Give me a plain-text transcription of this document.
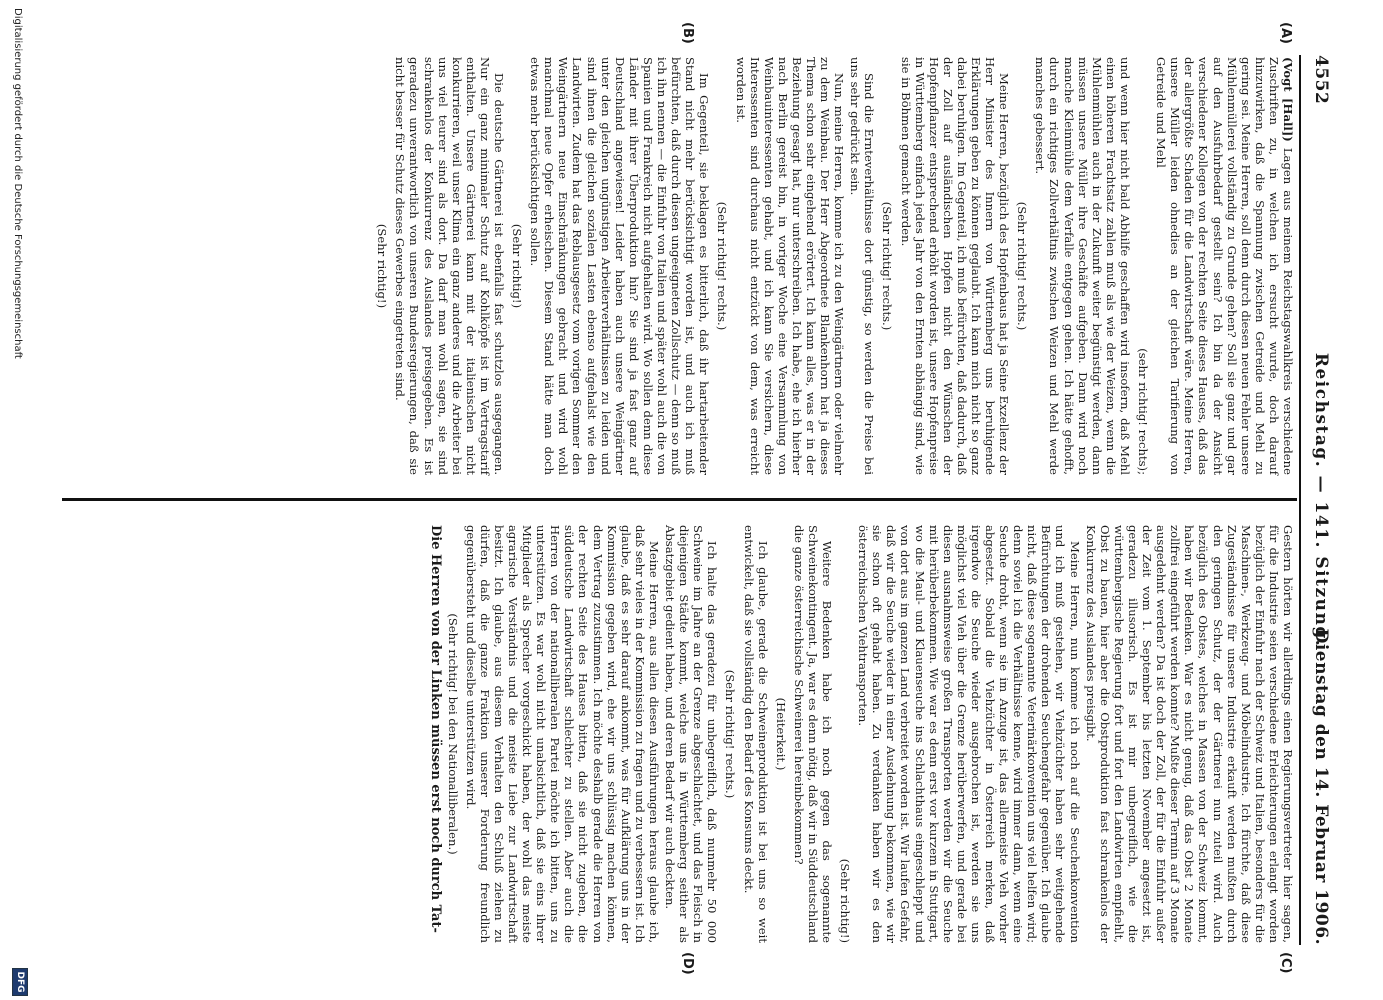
4552
Reichstag. — 141. Sitzung.
Dienstag den 14. Februar 1906.
(A)
(B)
(C)
(D)

(Vogt [Hall]) Lagen aus meinem Reichstagswahlkreis verschiedene Zuschriften zu, in welchen ich ersucht wurde, doch darauf hinzuwirken, daß die Spannung zwischen Getreide und Mehl zu gering sei. Meine Herren, soll denn durch diesen neuen Fehler unsere Mühlenmüllerei vollständig zu Grunde gehen? Soll sie ganz und gar auf den Ausfuhrbedarf gestellt sein? Ich bin da der Ansicht verschiedener Kollegen von der rechten Seite dieses Hauses, daß das der allergrößte Schaden für die Landwirtschaft wäre. Meine Herren, unsere Müller leiden ohnedies an der gleichen Tarifierung von Getreide und Mehl

(sehr richtig! rechts);

und wenn hier nicht bald Abhilfe geschaffen wird insofern, daß Mehl einen höheren Frachtsatz zahlen muß als wie der Weizen, wenn die Mühlenmühlen auch in der Zukunft weiter begünstigt werden, dann müssen unsere Müller ihre Geschäfte aufgeben. Dann wird noch manche Kleinmühle dem Verfalle entgegen gehen. Ich hätte gehofft, durch ein richtiges Zollverhältnis zwischen Weizen und Mehl werde manches gebessert.

(Sehr richtig! rechts.)

Meine Herren, bezüglich des Hopfenbaus hat ja Seine Exzellenz der Herr Minister des Innern von Württemberg uns beruhigende Erklärungen geben zu können geglaubt. Ich kann mich nicht so ganz dabei beruhigen. Im Gegenteil, ich muß befürchten, daß dadurch, daß der Zoll auf ausländischen Hopfen nicht den Wünschen der Hopfenpflanzer entsprechend erhöht worden ist, unsere Hopfenpreise in Württemberg einfach jedes Jahr von den Ernten abhängig sind, wie sie in Böhmen gemacht werden.

(Sehr richtig! rechts.)

Sind die Ernteverhältnisse dort günstig, so werden die Preise bei uns sehr gedrückt sein.

Nun, meine Herren, komme ich zu den Weingärtnern oder vielmehr zu dem Weinbau. Der Herr Abgeordnete Blankenhorn hat ja dieses Thema schon sehr eingehend erörtert. Ich kann alles, was er in der Beziehung gesagt hat, nur unterschreiben. Ich habe, ehe ich hierher nach Berlin gereist bin, in voriger Woche eine Versammlung von Weinbauinteressenten gehabt, und ich kann Sie versichern, diese Interessenten sind durchaus nicht entzückt von dem, was erreicht worden ist.

(Sehr richtig! rechts.)

Im Gegenteil, sie beklagen es bitterlich, daß ihr hartarbeitender Stand nicht mehr berücksichtigt worden ist, und auch ich muß befürchten, daß durch diesen ungeeigneten Zollschutz — denn so muß ich ihn nennen — die Einfuhr von Italien und später wohl auch die von Spanien und Frankreich nicht aufgehalten wird. Wo sollen denn diese Länder mit ihrer Überproduktion hin? Sie sind ja fast ganz auf Deutschland angewiesen! Leider haben auch unsere Weingärtner unter den gleichen ungünstigen Arbeiterverhältnissen zu leiden und sind ihnen die gleichen sozialen Lasten ebenso aufgehalst wie den Landwirten. Zudem hat das Reblausgesetz vom vorigen Sommer den Weingärtnern neue Einschränkungen gebracht und wird wohl manchmal neue Opfer erheischen. Diesem Stand hätte man doch etwas mehr berücksichtigen sollen.

(Sehr richtig!)

Die deutsche Gärtnerei ist ebenfalls fast schutzlos ausgegangen. Nur ein ganz minimaler Schutz auf Kohlköpfe ist im Vertragstarif enthalten. Unsere Gärtnerei kann mit der italienischen nicht konkurrieren, weil unser Klima ein ganz anderes und die Arbeiter bei uns viel teurer sind als dort. Da darf man wohl sagen, sie sind schrankenlos der Konkurrenz des Auslandes preisgegeben. Es ist geradezu unverantwortlich von unseren Bundesregierungen, daß sie nicht besser für Schutz dieses Gewerbes eingetreten sind.

(Sehr richtig!)

Gestern hörten wir allerdings einen Regierungsvertreter hier sagen, für die Industrie seien verschiedene Erleichterungen erlangt worden bezüglich der Einfuhr nach der Schweiz und Italien, besonders für die Maschinen-, Werkzeug- und Möbelindustrie. Ich fürchte, daß diese Zugeständnisse für unsere Industrie erkauft werden mußten durch den geringen Schutz, der der Gärtnerei nun zuteil wird. Auch bezüglich des Obstes, welches in Massen von der Schweiz kommt, haben wir Bedenken. War es nicht genug, daß das Obst 2 Monate zollfrei eingeführt werden konnte? Mußte dieser Termin auf 3 Monate ausgedehnt werden? Da ist doch der Zoll, der für die Einfuhr außer der Zeit vom 1. September bis letzten November angesetzt ist, geradezu illusorisch. Es ist mir unbegreiflich, wie die württembergische Regierung fort und fort den Landwirten empfiehlt, Obst zu bauen, hier aber die Obstproduktion fast schrankenlos der Konkurrenz des Auslandes preisgibt.

Meine Herren, nun komme ich noch auf die Seuchenkonvention und ich muß gestehen, wir Viehzüchter haben sehr weitgehende Befürchtungen der drohenden Seuchengefahr gegenüber. Ich glaube nicht, daß diese sogenannte Veterinärkonvention uns viel helfen wird; denn soviel ich die Verhältnisse kenne, wird immer dann, wenn eine Seuche droht, wenn sie im Anzuge ist, das allermeiste Vieh vorher abgesetzt. Sobald die Viehzüchter in Österreich merken, daß irgendwo die Seuche wieder ausgebrochen ist, werden sie uns möglichst viel Vieh über die Grenze herüberwerfen, und gerade bei diesen ausnahmsweise großen Transporten werden wir die Seuche mit herüberbekommen. Wie war es denn erst vor kurzem in Stuttgart, wo die Maul- und Klauenseuche ins Schlachthaus eingeschleppt und von dort aus im ganzen Land verbreitet worden ist. Wir laufen Gefahr, daß wir die Seuche wieder in einer Ausdehnung bekommen, wie wir sie schon oft gehabt haben. Zu verdanken haben wir es den österreichischen Viehtransporten.

(Sehr richtig!)

Weitere Bedenken habe ich noch gegen das sogenannte Schweinekontingent. Ja, war es denn nötig, daß wir in Süddeutschland die ganze österreichische Schweinerei hereinbekommen?

(Heiterkeit.)

Ich glaube, gerade die Schweineproduktion ist bei uns so weit entwickelt, daß sie vollständig den Bedarf des Konsums deckt.

(Sehr richtig! rechts.)

Ich halte das geradezu für unbegreiflich, daß nunmehr 50 000 Schweine im Jahre an der Grenze abgeschlachtet, und das Fleisch in diejenigen Städte kommt, welche uns in Württemberg seither als Absatzgebiet gedient haben, und deren Bedarf wir auch deckten.

Meine Herren, aus allen diesen Ausführungen heraus glaube ich, daß sehr vieles in der Kommission zu fragen und zu verbessern ist. Ich glaube, daß es sehr darauf ankommt, was für Aufklärung uns in der Kommission gegeben wird, ehe wir uns schlüssig machen können, dem Vertrag zuzustimmen. Ich möchte deshalb gerade die Herren von der rechten Seite des Hauses bitten, daß sie nicht zugeben, die süddeutsche Landwirtschaft schlechter zu stellen. Aber auch die Herren von der nationalliberalen Partei möchte ich bitten, uns zu unterstützen. Es war wohl nicht unabsichtlich, daß sie eins ihrer Mitglieder als Sprecher vorgeschickt haben, der wohl das meiste agrarische Verständnis und die meiste Liebe zur Landwirtschaft besitzt. Ich glaube, aus diesem Verhalten den Schluß ziehen zu dürfen, daß die ganze Fraktion unserer Forderung freundlich gegenübersteht und dieselbe unterstützen wird.

(Sehr richtig! bei den Nationalliberalen.)

Die Herren von der Linken müssen erst noch durch Tat-

Digitalisierung gefördert durch die Deutsche Forschungsgemeinschaft
DFG
